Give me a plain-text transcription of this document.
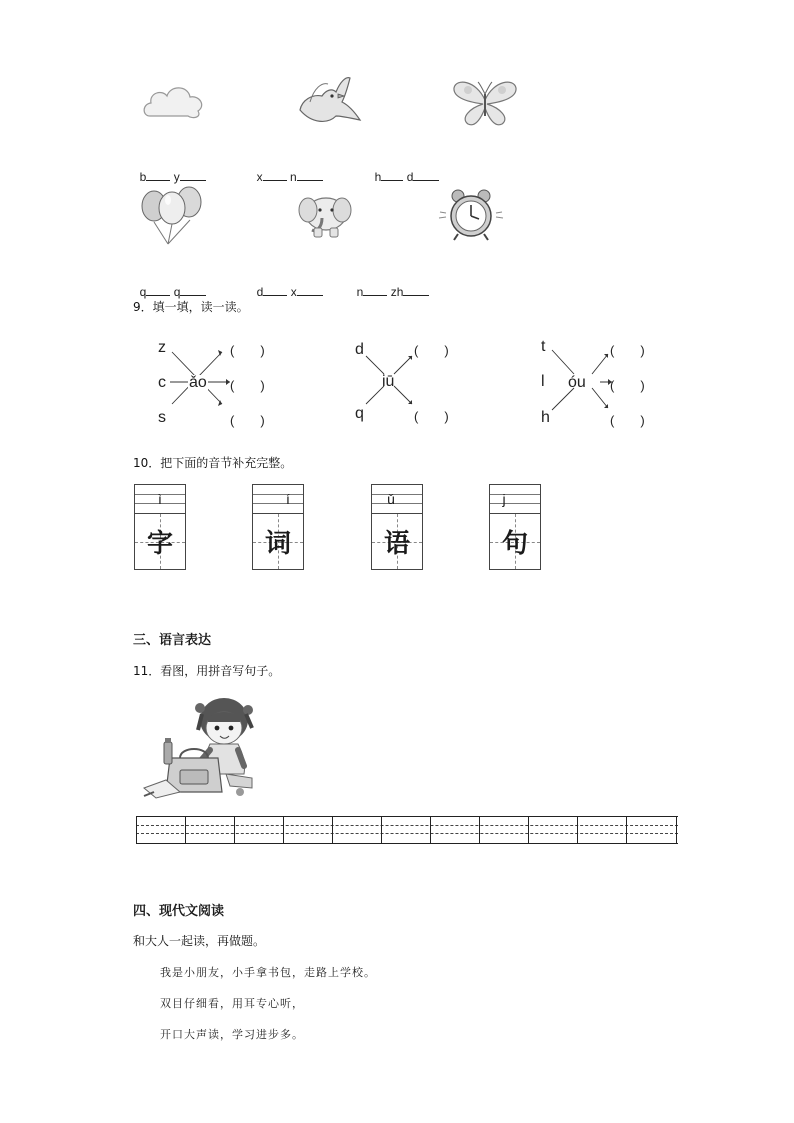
b y	x n	h d

q q	d x	n zh

9．填一填，读一读。
z
c
s
ǎo
(　　)
(　　)
(　　)
d
q
iū
(　　)
(　　)
t
l
h
óu
(　　)
(　　)
(　　)
10．把下面的音节补充完整。
ì
字
í
词
ǔ
语
j
句
三、语言表达
11．看图，用拼音写句子。
四、现代文阅读
和大人一起读，再做题。
我是小朋友，小手拿书包，走路上学校。
双目仔细看，用耳专心听，
开口大声读，学习进步多。
